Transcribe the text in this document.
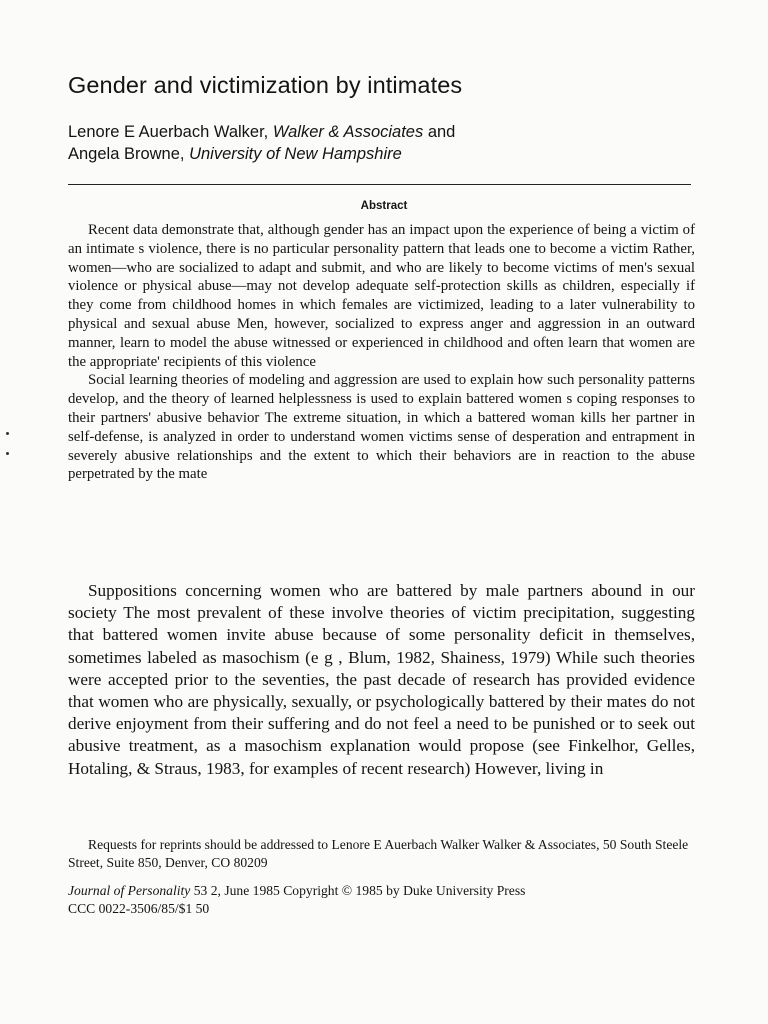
Gender and victimization by intimates
Lenore E Auerbach Walker, Walker & Associates and
Angela Browne, University of New Hampshire
Abstract

Recent data demonstrate that, although gender has an impact upon the experience of being a victim of an intimate s violence, there is no particular personality pattern that leads one to become a victim Rather, women—who are socialized to adapt and submit, and who are likely to become victims of men's sexual violence or physical abuse—may not develop adequate self-protection skills as children, especially if they come from childhood homes in which females are victimized, leading to a later vulnerability to physical and sexual abuse Men, however, socialized to express anger and aggression in an outward manner, learn to model the abuse witnessed or experienced in childhood and often learn that women are the appropriate' recipients of this violence

Social learning theories of modeling and aggression are used to explain how such personality patterns develop, and the theory of learned helplessness is used to explain battered women s coping responses to their partners' abusive behavior The extreme situation, in which a battered woman kills her partner in self-defense, is analyzed in order to understand women victims sense of desperation and entrapment in severely abusive relationships and the extent to which their behaviors are in reaction to the abuse perpetrated by the mate

Suppositions concerning women who are battered by male partners abound in our society The most prevalent of these involve theories of victim precipitation, suggesting that battered women invite abuse because of some personality deficit in themselves, sometimes labeled as masochism (e g , Blum, 1982, Shainess, 1979) While such theories were accepted prior to the seventies, the past decade of research has provided evidence that women who are physically, sexually, or psychologically battered by their mates do not derive enjoyment from their suffering and do not feel a need to be punished or to seek out abusive treatment, as a masochism explanation would propose (see Finkelhor, Gelles, Hotaling, & Straus, 1983, for examples of recent research) However, living in

Requests for reprints should be addressed to Lenore E Auerbach Walker Walker & Associates, 50 South Steele Street, Suite 850, Denver, CO 80209

Journal of Personality 53 2, June 1985 Copyright © 1985 by Duke University Press
CCC 0022-3506/85/$1 50
